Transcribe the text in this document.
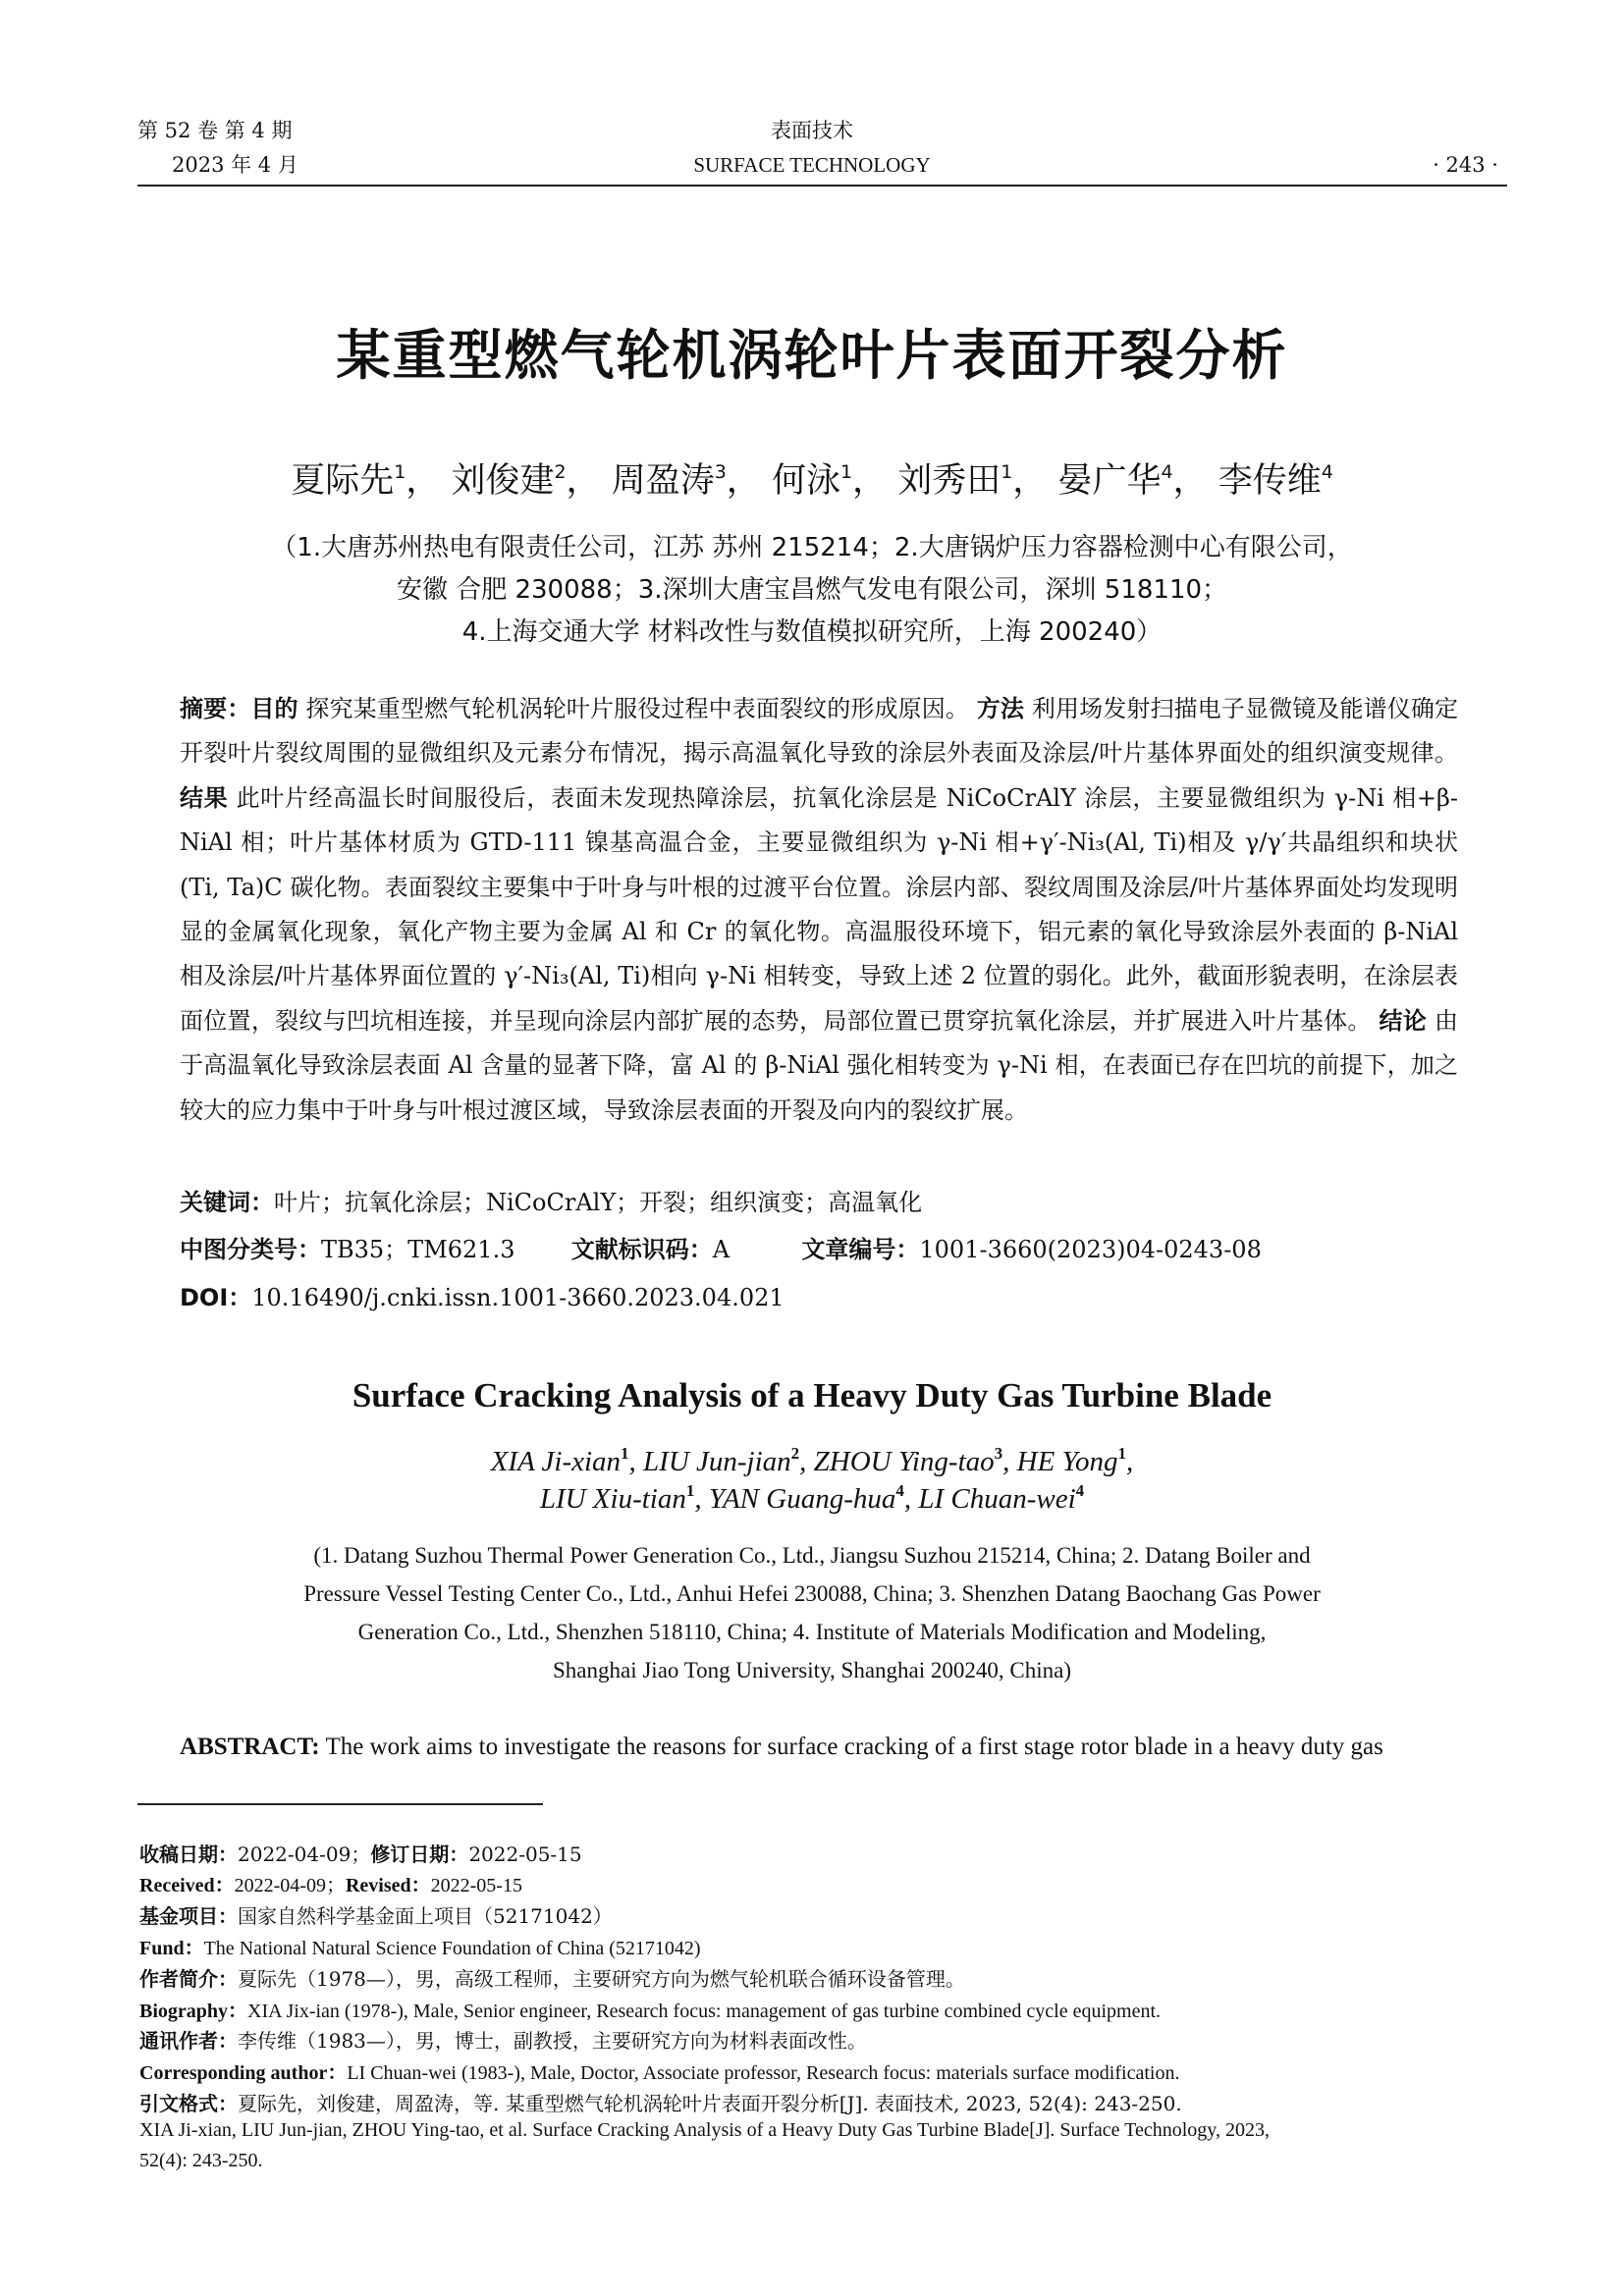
第 52 卷 第 4 期
2023 年 4 月
表面技术
SURFACE TECHNOLOGY	· 243 ·
某重型燃气轮机涡轮叶片表面开裂分析
夏际先$^1$， 刘俊建$^2$， 周盈涛$^3$， 何泳$^1$， 刘秀田$^1$， 晏广华$^4$， 李传维$^4$
（1.大唐苏州热电有限责任公司，江苏 苏州 215214；2.大唐锅炉压力容器检测中心有限公司，
安徽 合肥 230088；3.深圳大唐宝昌燃气发电有限公司，深圳 518110；
4.上海交通大学 材料改性与数值模拟研究所，上海 200240）

摘要：目的 探究某重型燃气轮机涡轮叶片服役过程中表面裂纹的形成原因。 方法 利用场发射扫描电子显微镜及能谱仪确定开裂叶片裂纹周围的显微组织及元素分布情况，揭示高温氧化导致的涂层外表面及涂层/叶片基体界面处的组织演变规律。 结果 此叶片经高温长时间服役后，表面未发现热障涂层，抗氧化涂层是 NiCoCrAlY 涂层，主要显微组织为 γ-Ni 相+β-NiAl 相；叶片基体材质为 GTD-111 镍基高温合金，主要显微组织为 γ-Ni 相+γ′-Ni₃(Al, Ti)相及 γ/γ′共晶组织和块状(Ti, Ta)C 碳化物。表面裂纹主要集中于叶身与叶根的过渡平台位置。涂层内部、裂纹周围及涂层/叶片基体界面处均发现明显的金属氧化现象，氧化产物主要为金属 Al 和 Cr 的氧化物。高温服役环境下，铝元素的氧化导致涂层外表面的 β-NiAl 相及涂层/叶片基体界面位置的 γ′-Ni₃(Al, Ti)相向 γ-Ni 相转变，导致上述 2 位置的弱化。此外，截面形貌表明，在涂层表面位置，裂纹与凹坑相连接，并呈现向涂层内部扩展的态势，局部位置已贯穿抗氧化涂层，并扩展进入叶片基体。 结论 由于高温氧化导致涂层表面 Al 含量的显著下降，富 Al 的 β-NiAl 强化相转变为 γ-Ni 相，在表面已存在凹坑的前提下，加之较大的应力集中于叶身与叶根过渡区域，导致涂层表面的开裂及向内的裂纹扩展。

关键词：叶片；抗氧化涂层；NiCoCrAlY；开裂；组织演变；高温氧化
中图分类号：TB35；TM621.3 文献标识码：A	文章编号：1001-3660(2023)04-0243-08
DOI：10.16490/j.cnki.issn.1001-3660.2023.04.021
Surface Cracking Analysis of a Heavy Duty Gas Turbine Blade
XIA Ji-xian$^1$, LIU Jun-jian$^2$, ZHOU Ying-tao$^3$, HE Yong$^1$,
LIU Xiu-tian$^1$, YAN Guang-hua$^4$, LI Chuan-wei$^4$
(1. Datang Suzhou Thermal Power Generation Co., Ltd., Jiangsu Suzhou 215214, China; 2. Datang Boiler and
Pressure Vessel Testing Center Co., Ltd., Anhui Hefei 230088, China; 3. Shenzhen Datang Baochang Gas Power
Generation Co., Ltd., Shenzhen 518110, China; 4. Institute of Materials Modification and Modeling,
Shanghai Jiao Tong University, Shanghai 200240, China)
ABSTRACT: The work aims to investigate the reasons for surface cracking of a first stage rotor blade in a heavy duty gas
收稿日期：2022-04-09；修订日期：2022-05-15
Received：2022-04-09；Revised：2022-05-15
基金项目：国家自然科学基金面上项目（52171042）
Fund：The National Natural Science Foundation of China (52171042)
作者简介：夏际先（1978—），男，高级工程师，主要研究方向为燃气轮机联合循环设备管理。
Biography：XIA Jix-ian (1978-), Male, Senior engineer, Research focus: management of gas turbine combined cycle equipment.
通讯作者：李传维（1983—），男，博士，副教授，主要研究方向为材料表面改性。
Corresponding author：LI Chuan-wei (1983-), Male, Doctor, Associate professor, Research focus: materials surface modification.
引文格式：夏际先，刘俊建，周盈涛，等. 某重型燃气轮机涡轮叶片表面开裂分析[J]. 表面技术, 2023, 52(4): 243-250.
XIA Ji-xian, LIU Jun-jian, ZHOU Ying-tao, et al. Surface Cracking Analysis of a Heavy Duty Gas Turbine Blade[J]. Surface Technology, 2023,
52(4): 243-250.
